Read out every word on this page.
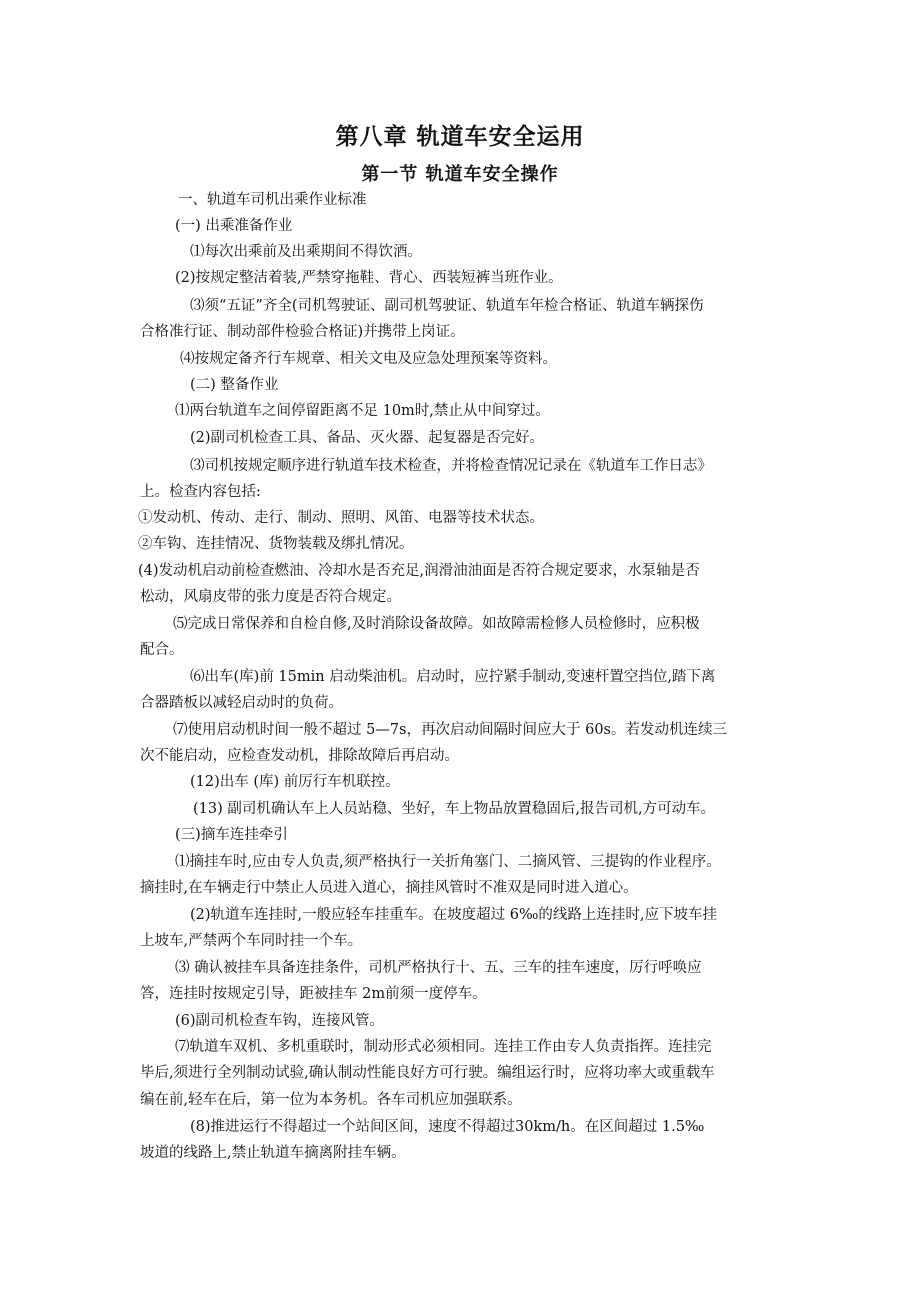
第八章 轨道车安全运用
第一节 轨道车安全操作
一、轨道车司机出乘作业标准
(一) 出乘准备作业
⑴每次出乘前及出乘期间不得饮酒。
(2)按规定整洁着装,严禁穿拖鞋、背心、西装短裤当班作业。
⑶须“五证”齐全(司机驾驶证、副司机驾驶证、轨道车年检合格证、轨道车辆探伤
合格准行证、制动部件检验合格证)并携带上岗证。
⑷按规定备齐行车规章、相关文电及应急处理预案等资料。
(二) 整备作业
⑴两台轨道车之间停留距离不足 10m时,禁止从中间穿过。
(2)副司机检查工具、备品、灭火器、起复器是否完好。
⑶司机按规定顺序进行轨道车技术检查，并将检查情况记录在《轨道车工作日志》
上。检查内容包括:
①发动机、传动、走行、制动、照明、风笛、电器等技术状态。
②车钩、连挂情况、货物装载及绑扎情况。
(4)发动机启动前检查燃油、冷却水是否充足,润滑油油面是否符合规定要求，水泵轴是否
松动，风扇皮带的张力度是否符合规定。
⑸完成日常保养和自检自修,及时消除设备故障。如故障需检修人员检修时，应积极
配合。
⑹出车(库)前 15min 启动柴油机。启动时，应拧紧手制动,变速杆置空挡位,踏下离
合器踏板以减轻启动时的负荷。
⑺使用启动机时间一般不超过 5—7s，再次启动间隔时间应大于 60s。若发动机连续三
次不能启动，应检查发动机，排除故障后再启动。
(12)出车 (库) 前厉行车机联控。
(13) 副司机确认车上人员站稳、坐好，车上物品放置稳固后,报告司机,方可动车。
(三)摘车连挂牵引
⑴摘挂车时,应由专人负责,须严格执行一关折角塞门、二摘风管、三提钩的作业程序。
摘挂时,在车辆走行中禁止人员进入道心，摘挂风管时不准双是同时进入道心。
(2)轨道车连挂时,一般应轻车挂重车。在坡度超过 6‰的线路上连挂时,应下坡车挂
上坡车,严禁两个车同时挂一个车。
⑶ 确认被挂车具备连挂条件，司机严格执行十、五、三车的挂车速度，厉行呼唤应
答，连挂时按规定引导，距被挂车 2m前须一度停车。
(6)副司机检查车钩，连接风管。
⑺轨道车双机、多机重联时，制动形式必须相同。连挂工作由专人负责指挥。连挂完
毕后,须进行全列制动试验,确认制动性能良好方可行驶。编组运行时，应将功率大或重载车
编在前,轻车在后，第一位为本务机。各车司机应加强联系。
(8)推进运行不得超过一个站间区间，速度不得超过30km/h。在区间超过 1.5‰
坡道的线路上,禁止轨道车摘离附挂车辆。
